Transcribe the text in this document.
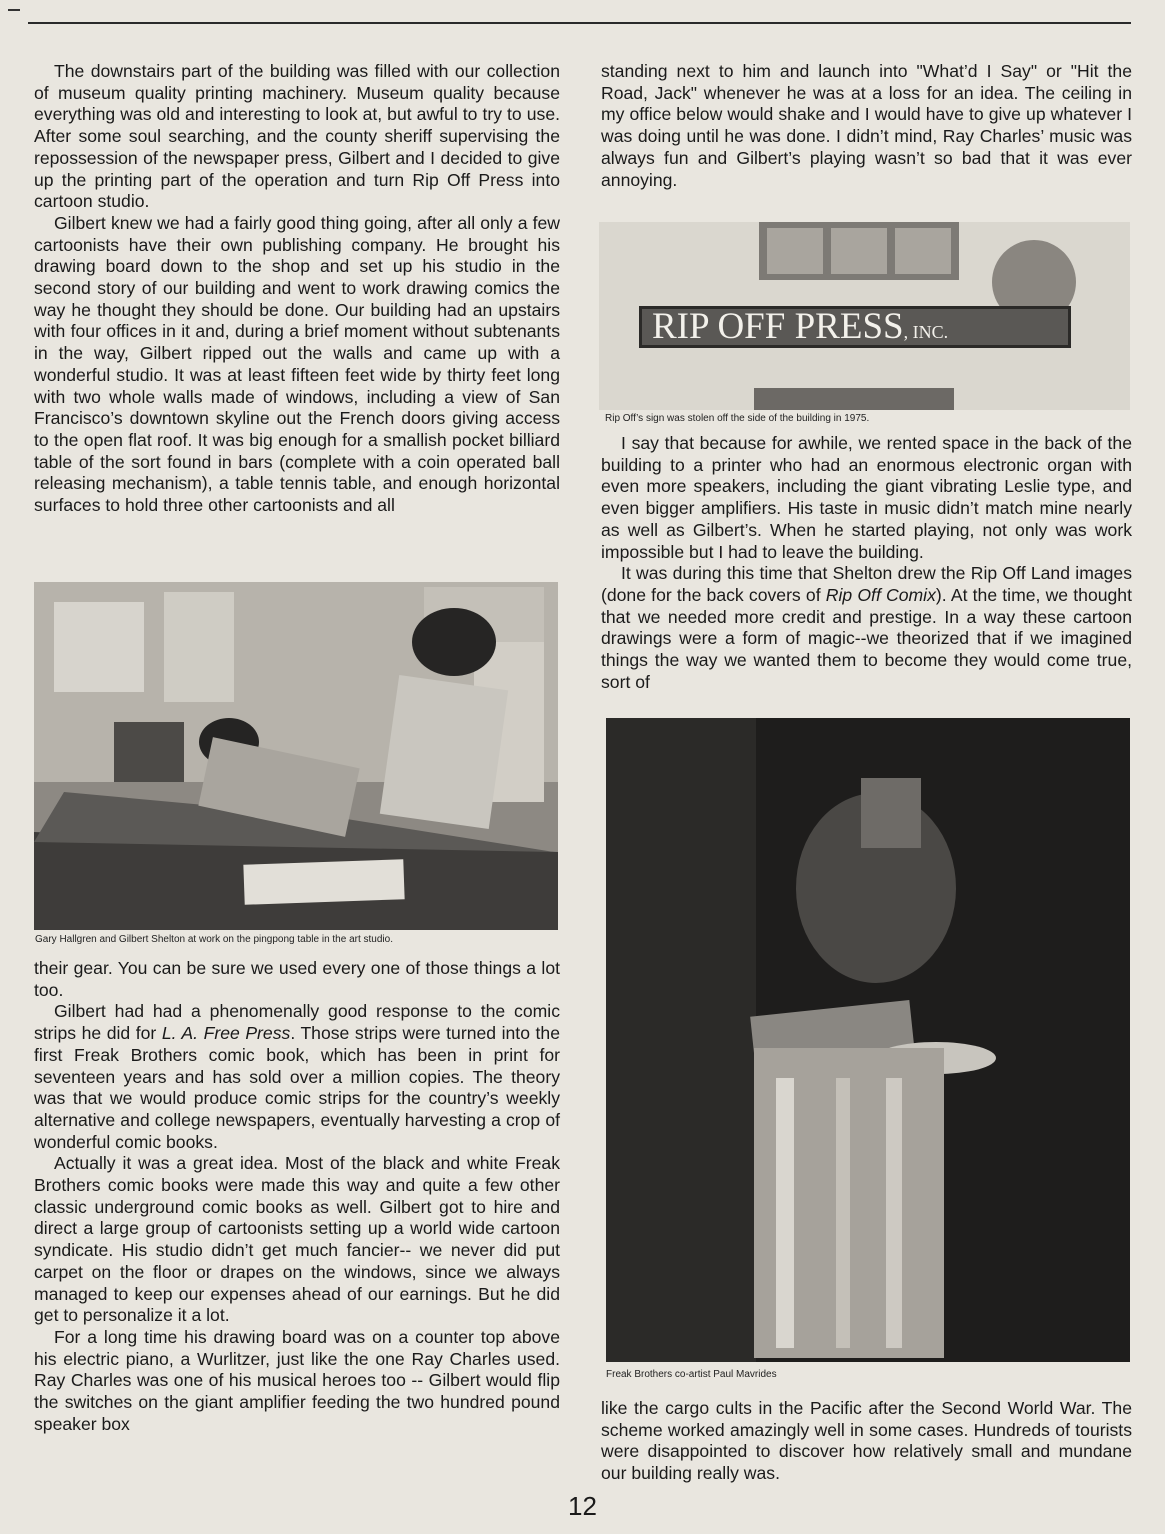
The downstairs part of the building was filled with our collection of museum quality printing machinery. Museum quality because everything was old and interesting to look at, but awful to try to use. After some soul searching, and the county sheriff supervising the repossession of the newspaper press, Gilbert and I decided to give up the printing part of the operation and turn Rip Off Press into cartoon studio.

Gilbert knew we had a fairly good thing going, after all only a few cartoonists have their own publishing company. He brought his drawing board down to the shop and set up his studio in the second story of our building and went to work drawing comics the way he thought they should be done. Our building had an upstairs with four offices in it and, during a brief moment without subtenants in the way, Gilbert ripped out the walls and came up with a wonderful studio. It was at least fifteen feet wide by thirty feet long with two whole walls made of windows, including a view of San Francisco’s downtown skyline out the French doors giving access to the open flat roof. It was big enough for a smallish pocket billiard table of the sort found in bars (complete with a coin operated ball releasing mechanism), a table tennis table, and enough horizontal surfaces to hold three other cartoonists and all

Gary Hallgren and Gilbert Shelton at work on the pingpong table in the art studio.

their gear. You can be sure we used every one of those things a lot too.

Gilbert had had a phenomenally good response to the comic strips he did for L. A. Free Press. Those strips were turned into the first Freak Brothers comic book, which has been in print for seventeen years and has sold over a million copies. The theory was that we would produce comic strips for the country’s weekly alternative and college newspapers, eventually harvesting a crop of wonderful comic books.

Actually it was a great idea. Most of the black and white Freak Brothers comic books were made this way and quite a few other classic underground comic books as well. Gilbert got to hire and direct a large group of cartoonists setting up a world wide cartoon syndicate. His studio didn’t get much fancier-- we never did put carpet on the floor or drapes on the windows, since we always managed to keep our expenses ahead of our earnings. But he did get to personalize it a lot.

For a long time his drawing board was on a counter top above his electric piano, a Wurlitzer, just like the one Ray Charles used. Ray Charles was one of his musical heroes too -- Gilbert would flip the switches on the giant amplifier feeding the two hundred pound speaker box

standing next to him and launch into "What’d I Say" or "Hit the Road, Jack" whenever he was at a loss for an idea. The ceiling in my office below would shake and I would have to give up whatever I was doing until he was done. I didn’t mind, Ray Charles’ music was always fun and Gilbert’s playing wasn’t so bad that it was ever annoying.

RIP OFF PRESS, INC.
Rip Off’s sign was stolen off the side of the building in 1975.

I say that because for awhile, we rented space in the back of the building to a printer who had an enormous electronic organ with even more speakers, including the giant vibrating Leslie type, and even bigger amplifiers. His taste in music didn’t match mine nearly as well as Gilbert’s. When he started playing, not only was work impossible but I had to leave the building.

It was during this time that Shelton drew the Rip Off Land images (done for the back covers of Rip Off Comix). At the time, we thought that we needed more credit and prestige. In a way these cartoon drawings were a form of magic--we theorized that if we imagined things the way we wanted them to become they would come true, sort of

Freak Brothers co-artist Paul Mavrides

like the cargo cults in the Pacific after the Second World War. The scheme worked amazingly well in some cases. Hundreds of tourists were disappointed to discover how relatively small and mundane our building really was.

12
